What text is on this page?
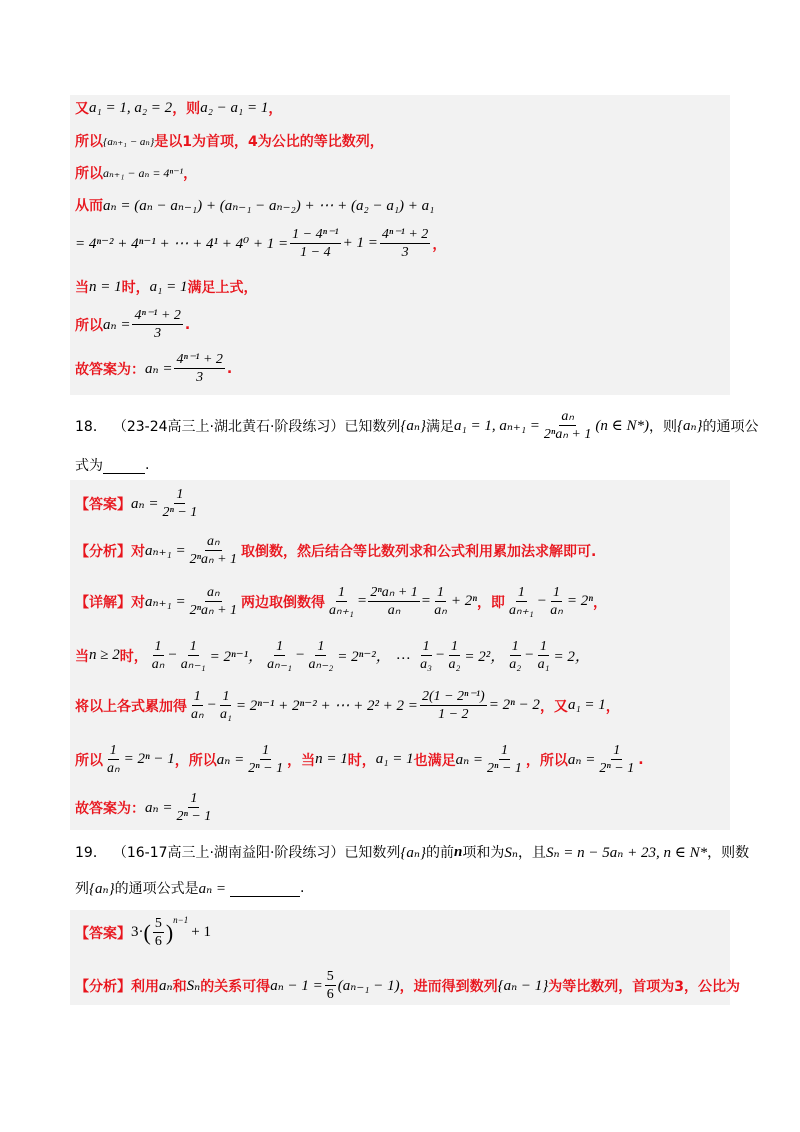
又 a₁ = 1, a₂ = 2 ，则 a₂ − a₁ = 1 ，
所以 {aₙ₊₁ − aₙ} 是以1为首项，4为公比的等比数列，
所以 aₙ₊₁ − aₙ = 4ⁿ⁻¹ ，
从而 aₙ = (aₙ − aₙ₋₁) + (aₙ₋₁ − aₙ₋₂) + ⋯ + (a₂ − a₁) + a₁
= 4ⁿ⁻² + 4ⁿ⁻¹ + ⋯ + $4^1 + 4^0 + 1 = \frac{\text{1 − 4ⁿ⁻¹}}{1 - 4} + 1 = \frac{\text{4ⁿ⁻¹ + 2}}{3}$ ，
当 n = 1 时， a₁ = 1 满足上式，
所以 $a_n = \frac{\text{4ⁿ⁻¹ + 2}}{3}$ .
故答案为： $a_n = \frac{\text{4ⁿ⁻¹ + 2}}{3}$ .
18． （23-24高三上·湖北黄石·阶段练习）已知数列 {aₙ} 满足 a₁ = 1, $a_{n+1} = \frac{\text{aₙ}}{\text{2ⁿaₙ + 1}} (n$ ∈ N*) ，则 {aₙ} 的通项公
式为
	.
【答案】 $a_n = \frac{1}{\text{2ⁿ − 1}}$
【分析】 对 $a_{n+1} = \frac{\text{aₙ}}{\text{2ⁿaₙ + 1}}$ 取倒数，然后结合等比数列求和公式利用累加法求解即可.
【详解】 对 $a_{n+1} = \frac{\text{aₙ}}{\text{2ⁿaₙ + 1}}$ 两边取倒数得 $\frac{1}{\text{aₙ₊₁}} = \frac{\text{2ⁿaₙ + 1}}{\text{aₙ}} = \frac{1}{\text{aₙ}} + 2^n$ ，即 $\frac{1}{\text{aₙ₊₁}} - \frac{1}{\text{aₙ}} = 2^n$ ，
当 n ≥ 2 时， $\frac{1}{\text{aₙ}} - \frac{1}{\text{aₙ₋₁}} = 2^{n-1}$， $\frac{1}{\text{aₙ₋₁}} - \frac{1}{\text{aₙ₋₂}} = 2^{n-2}$， … $\frac{1}{\text{a₃}} - \frac{1}{\text{a₂}} = 2^2$， $\frac{1}{\text{a₂}} - \frac{1}{\text{a₁}} = 2$，
将以上各式累加得 $\frac{1}{\text{aₙ}} - \frac{1}{\text{a₁}} = 2^{n-1} + 2^{n-2}$ + ⋯ + $2^2 + 2 = \frac{\text{2(1 − 2ⁿ⁻¹)}}{1 - 2} = 2^n - 2$ ，又 a₁ = 1 ，
所以 $\frac{1}{\text{aₙ}} = 2^n - 1$ ，所以 $a_n = \frac{1}{\text{2ⁿ − 1}}$ ，当 n = 1 时， a₁ = 1 也满足 $a_n = \frac{1}{\text{2ⁿ − 1}}$ ，所以 $a_n = \frac{1}{\text{2ⁿ − 1}}$ .
故答案为： $a_n = \frac{1}{\text{2ⁿ − 1}}$
19． （16-17高三上·湖南益阳·阶段练习）已知数列 {aₙ} 的前 n 项和为 Sₙ ，且 Sₙ = n − 5aₙ + 23, n ∈ N* ，则数
列 {aₙ} 的通项公式是 aₙ =
	.
【答案】 3· ( $\frac{5}{6} )^{n-1}$
+ 1
【分析】 利用 aₙ 和 Sₙ 的关系可得 $a_n - 1 = \frac{5}{6} (a_{n-1} - 1)$ ，进而得到数列 {aₙ − 1} 为等比数列，首项为3，公比为
